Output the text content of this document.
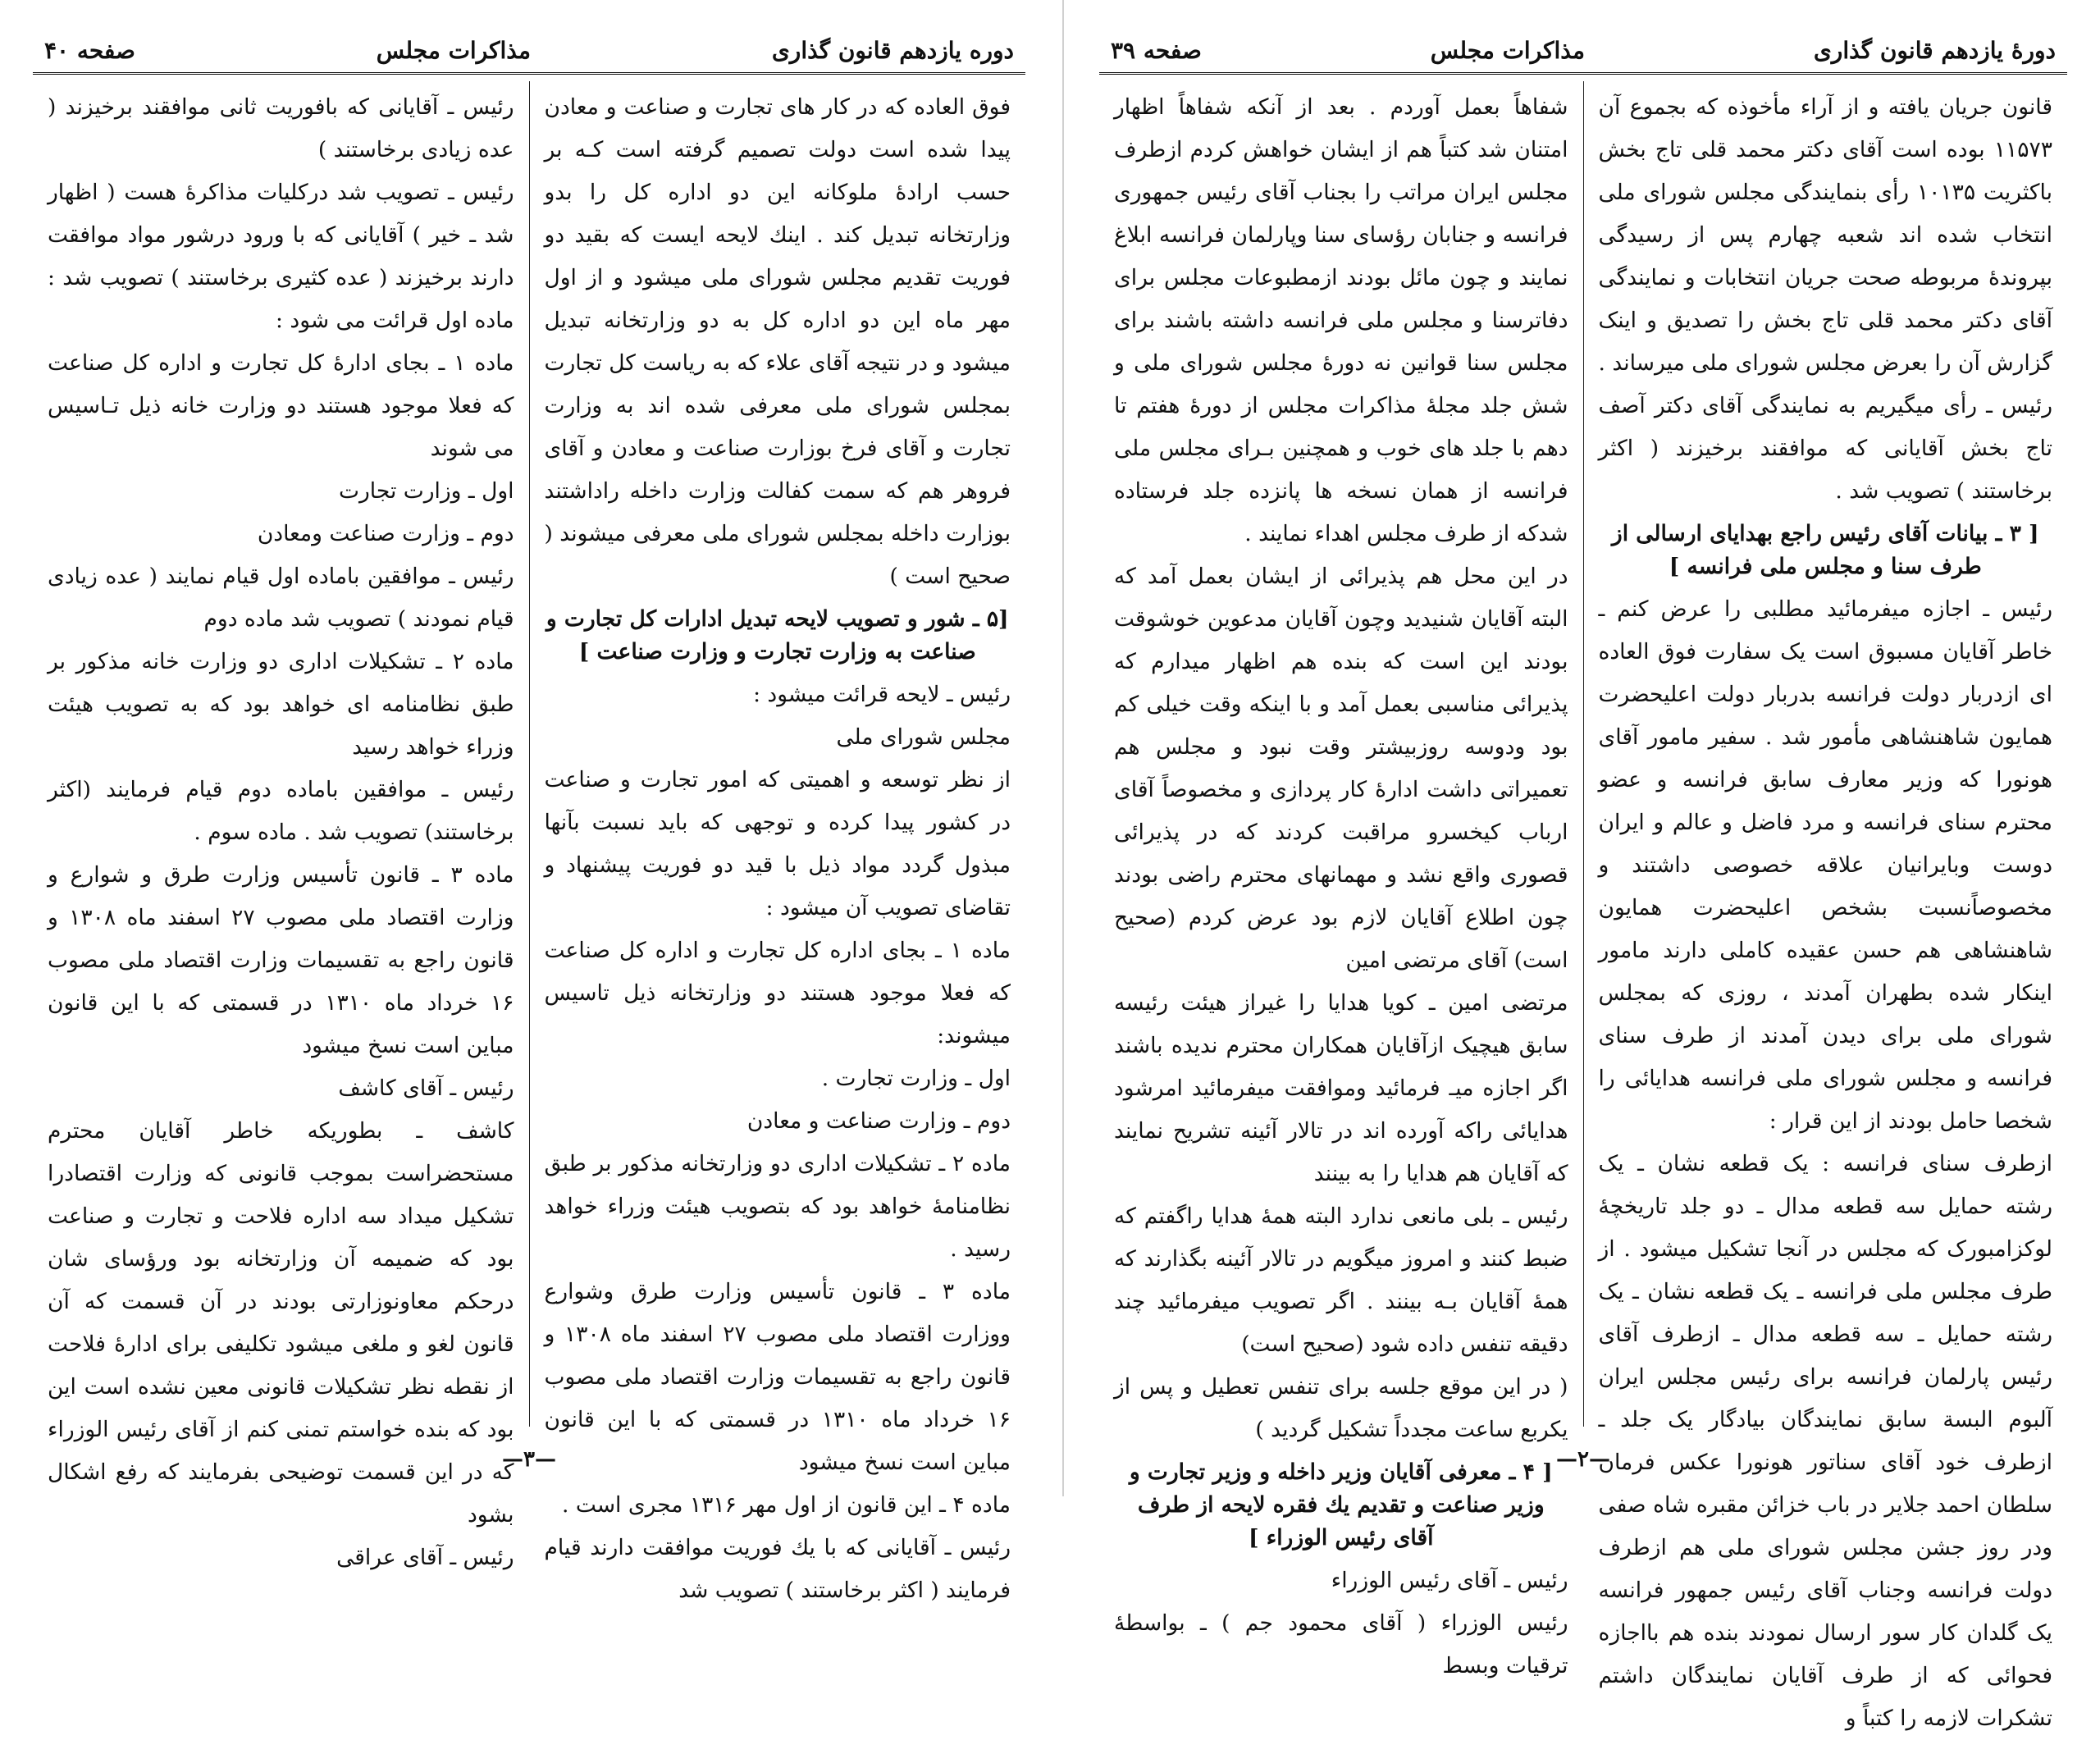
دوره یازدهم قانون گذاری
مذاکرات مجلس
صفحه ۴۰

فوق العاده که در کار های تجارت و صناعت و معادن پیدا شده است دولت تصمیم گرفته است کـه بر حسب ارادهٔ ملوکانه این دو اداره کل را بدو وزارتخانه تبدیل کند . اینك لایحه ایست که بقید دو فوریت تقدیم مجلس شورای ملی میشود و از اول مهر ماه این دو اداره کل به دو وزارتخانه تبدیل میشود و در نتیجه آقای علاء که به ریاست کل تجارت بمجلس شورای ملی معرفی شده اند به وزارت تجارت و آقای فرخ بوزارت صناعت و معادن و آقای فروهر هم که سمت کفالت وزارت داخله راداشتند بوزارت داخله بمجلس شورای ملی معرفی میشوند ( صحیح است )

[۵ ـ شور و تصویب لایحه تبدیل ادارات کل تجارت و صناعت به وزارت تجارت و وزارت صناعت ]

رئیس ـ لایحه قرائت میشود :

مجلس شورای ملی

از نظر توسعه و اهمیتی که امور تجارت و صناعت در کشور پیدا کرده و توجهی که باید نسبت بآنها مبذول گردد مواد ذیل با قید دو فوریت پیشنهاد و تقاضای تصویب آن میشود :

ماده ۱ ـ بجای اداره کل تجارت و اداره کل صناعت که فعلا موجود هستند دو وزارتخانه ذیل تاسیس میشوند:

اول ـ وزارت تجارت .

دوم ـ وزارت صناعت و معادن

ماده ۲ ـ تشکیلات اداری دو وزارتخانه مذکور بر طبق نظامنامهٔ خواهد بود که بتصویب هیئت وزراء خواهد رسید .

ماده ۳ ـ قانون تأسیس وزارت طرق وشوارع ووزارت اقتصاد ملی مصوب ۲۷ اسفند ماه ۱۳۰۸ و قانون راجع به تقسیمات وزارت اقتصاد ملی مصوب ۱۶ خرداد ماه ۱۳۱۰ در قسمتی که با این قانون مباین است نسخ میشود

ماده ۴ ـ این قانون از اول مهر ۱۳۱۶ مجری است .

رئیس ـ آقایانی که با یك فوریت موافقت دارند قیام فرمایند ( اکثر برخاستند ) تصویب شد

رئیس ـ آقایانی که بافوریت ثانی موافقند برخیزند ( عده زیادی برخاستند )

رئیس ـ تصویب شد درکلیات مذاکرهٔ هست ( اظهار شد ـ خیر ) آقایانی که با ورود درشور مواد موافقت دارند برخیزند ( عده کثیری برخاستند ) تصویب شد : ماده اول قرائت می شود :

ماده ۱ ـ بجای ادارهٔ کل تجارت و اداره کل صناعت که فعلا موجود هستند دو وزارت خانه ذیل تـاسیس می شوند

اول ـ وزارت تجارت

دوم ـ وزارت صناعت ومعادن

رئیس ـ موافقین باماده اول قیام نمایند ( عده زیادی قیام نمودند ) تصویب شد ماده دوم

ماده ۲ ـ تشکیلات اداری دو وزارت خانه مذکور بر طبق نظامنامه ای خواهد بود که به تصویب هیئت وزراء خواهد رسید

رئیس ـ موافقین باماده دوم قیام فرمایند (اکثر برخاستند) تصویب شد . ماده سوم .

ماده ۳ ـ قانون تأسیس وزارت طرق و شوارع و وزارت اقتصاد ملی مصوب ۲۷ اسفند ماه ۱۳۰۸ و قانون راجع به تقسیمات وزارت اقتصاد ملی مصوب ۱۶ خرداد ماه ۱۳۱۰ در قسمتی که با این قانون مباین است نسخ میشود

رئیس ـ آقای کاشف

کاشف ـ بطوریکه خاطر آقایان محترم مستحضراست بموجب قانونی که وزارت اقتصادرا تشکیل میداد سه اداره فلاحت و تجارت و صناعت بود که ضمیمه آن وزارتخانه بود ورؤسای شان درحکم معاونوزارتی بودند در آن قسمت که آن قانون لغو و ملغی میشود تکلیفی برای ادارهٔ فلاحت از نقطه نظر تشکیلات قانونی معین نشده است این بود که بنده خواستم تمنی کنم از آقای رئیس الوزراء که در این قسمت توضیحی بفرمایند که رفع اشکال بشود

رئیس ـ آقای عراقی

—۳—
دورهٔ یازدهم قانون گذاری
مذاکرات مجلس
صفحه ۳۹

قانون جریان یافته و از آراء مأخوذه که بجموع آن ۱۱۵۷۳ بوده است آقای دکتر محمد قلی تاج بخش باکثریت ۱۰۱۳۵ رأی بنمایندگی مجلس شورای ملی انتخاب شده اند شعبه چهارم پس از رسیدگی بپروندهٔ مربوطه صحت جریان انتخابات و نمایندگی آقای دکتر محمد قلی تاج بخش را تصدیق و اینک گزارش آن را بعرض مجلس شورای ملی میرساند .

رئیس ـ رأی میگیریم به نمایندگی آقای دکتر آصف تاج بخش آقایانی که موافقند برخیزند ( اکثر برخاستند ) تصویب شد .

[ ۳ ـ بیانات آقای رئیس راجع بهدایای ارسالی از طرف سنا و مجلس ملی فرانسه ]

رئیس ـ اجازه میفرمائید مطلبی را عرض کنم ـ خاطر آقایان مسبوق است یک سفارت فوق العاده ای ازدربار دولت فرانسه بدربار دولت اعلیحضرت همایون شاهنشاهی مأمور شد . سفیر مامور آقای هونورا که وزیر معارف سابق فرانسه و عضو محترم سنای فرانسه و مرد فاضل و عالم و ایران دوست وبایرانیان علاقه خصوصی داشتند و مخصوصاًنسبت بشخص اعلیحضرت همایون شاهنشاهی هم حسن عقیده کاملی دارند مامور اینکار شده بطهران آمدند ، روزی که بمجلس شورای ملی برای دیدن آمدند از طرف سنای فرانسه و مجلس شورای ملی فرانسه هدایائی را شخصا حامل بودند از این قرار :

ازطرف سنای فرانسه : یک قطعه نشان ـ یک رشته حمایل سه قطعه مدال ـ دو جلد تاریخچهٔ لوکزامبورک که مجلس در آنجا تشکیل میشود . از طرف مجلس ملی فرانسه ـ یک قطعه نشان ـ یک رشته حمایل ـ سه قطعه مدال ـ ازطرف آقای رئیس پارلمان فرانسه برای رئیس مجلس ایران آلبوم البسة سابق نمایندگان بیادگار یک جلد ـ ازطرف خود آقای سناتور هونورا عکس فرمان سلطان احمد جلایر در باب خزائن مقبره شاه صفی ودر روز جشن مجلس شورای ملی هم ازطرف دولت فرانسه وجناب آقای رئیس جمهور فرانسه یک گلدان کار سور ارسال نمودند بنده هم بااجازه فحوائی که از طرف آقایان نمایندگان داشتم تشکرات لازمه را کتباً و

شفاهاً بعمل آوردم . بعد از آنکه شفاهاً اظهار امتنان شد کتباً هم از ایشان خواهش کردم ازطرف مجلس ایران مراتب را بجناب آقای رئیس جمهوری فرانسه و جنابان رؤسای سنا وپارلمان فرانسه ابلاغ نمایند و چون مائل بودند ازمطبوعات مجلس برای دفاترسنا و مجلس ملی فرانسه داشته باشند برای مجلس سنا قوانین نه دورهٔ مجلس شورای ملی و شش جلد مجلهٔ مذاکرات مجلس از دورهٔ هفتم تا دهم با جلد های خوب و همچنین بـرای مجلس ملی فرانسه از همان نسخه ها پانزده جلد فرستاده شدکه از طرف مجلس اهداء نمایند .

در این محل هم پذیرائی از ایشان بعمل آمد که البته آقایان شنیدید وچون آقایان مدعوین خوشوقت بودند این است که بنده هم اظهار میدارم که پذیرائی مناسبی بعمل آمد و با اینکه وقت خیلی کم بود ودوسه روزبیشتر وقت نبود و مجلس هم تعمیراتی داشت ادارهٔ کار پردازی و مخصوصاً آقای ارباب کیخسرو مراقبت کردند که در پذیرائی قصوری واقع نشد و مهمانهای محترم راضی بودند چون اطلاع آقایان لازم بود عرض کردم (صحیح است) آقای مرتضی امین

مرتضی امین ـ کویا هدایا را غیراز هیئت رئیسه سابق هیچیک ازآقایان همکاران محترم ندیده باشند اگر اجازه میـ فرمائید وموافقت میفرمائید امرشود هدایائی راکه آورده اند در تالار آئینه تشریح نمایند که آقایان هم هدایا را به بینند

رئیس ـ بلی مانعی ندارد البته همهٔ هدایا راگفتم که ضبط کنند و امروز میگویم در تالار آئینه بگذارند که همهٔ آقایان بـه بینند . اگر تصویب میفرمائید چند دقیقه تنفس داده شود (صحیح است)

( در این موقع جلسه برای تنفس تعطیل و پس از یکربع ساعت مجدداً تشکیل گردید )

[ ۴ ـ معرفی آقایان وزیر داخله و وزیر تجارت و وزیر صناعت و تقدیم یك فقره لایحه از طرف آقای رئیس الوزراء ]

رئیس ـ آقای رئیس الوزراء

رئیس الوزراء ( آقای محمود جم ) ـ بواسطهٔ ترقیات وبسط

—۲—
